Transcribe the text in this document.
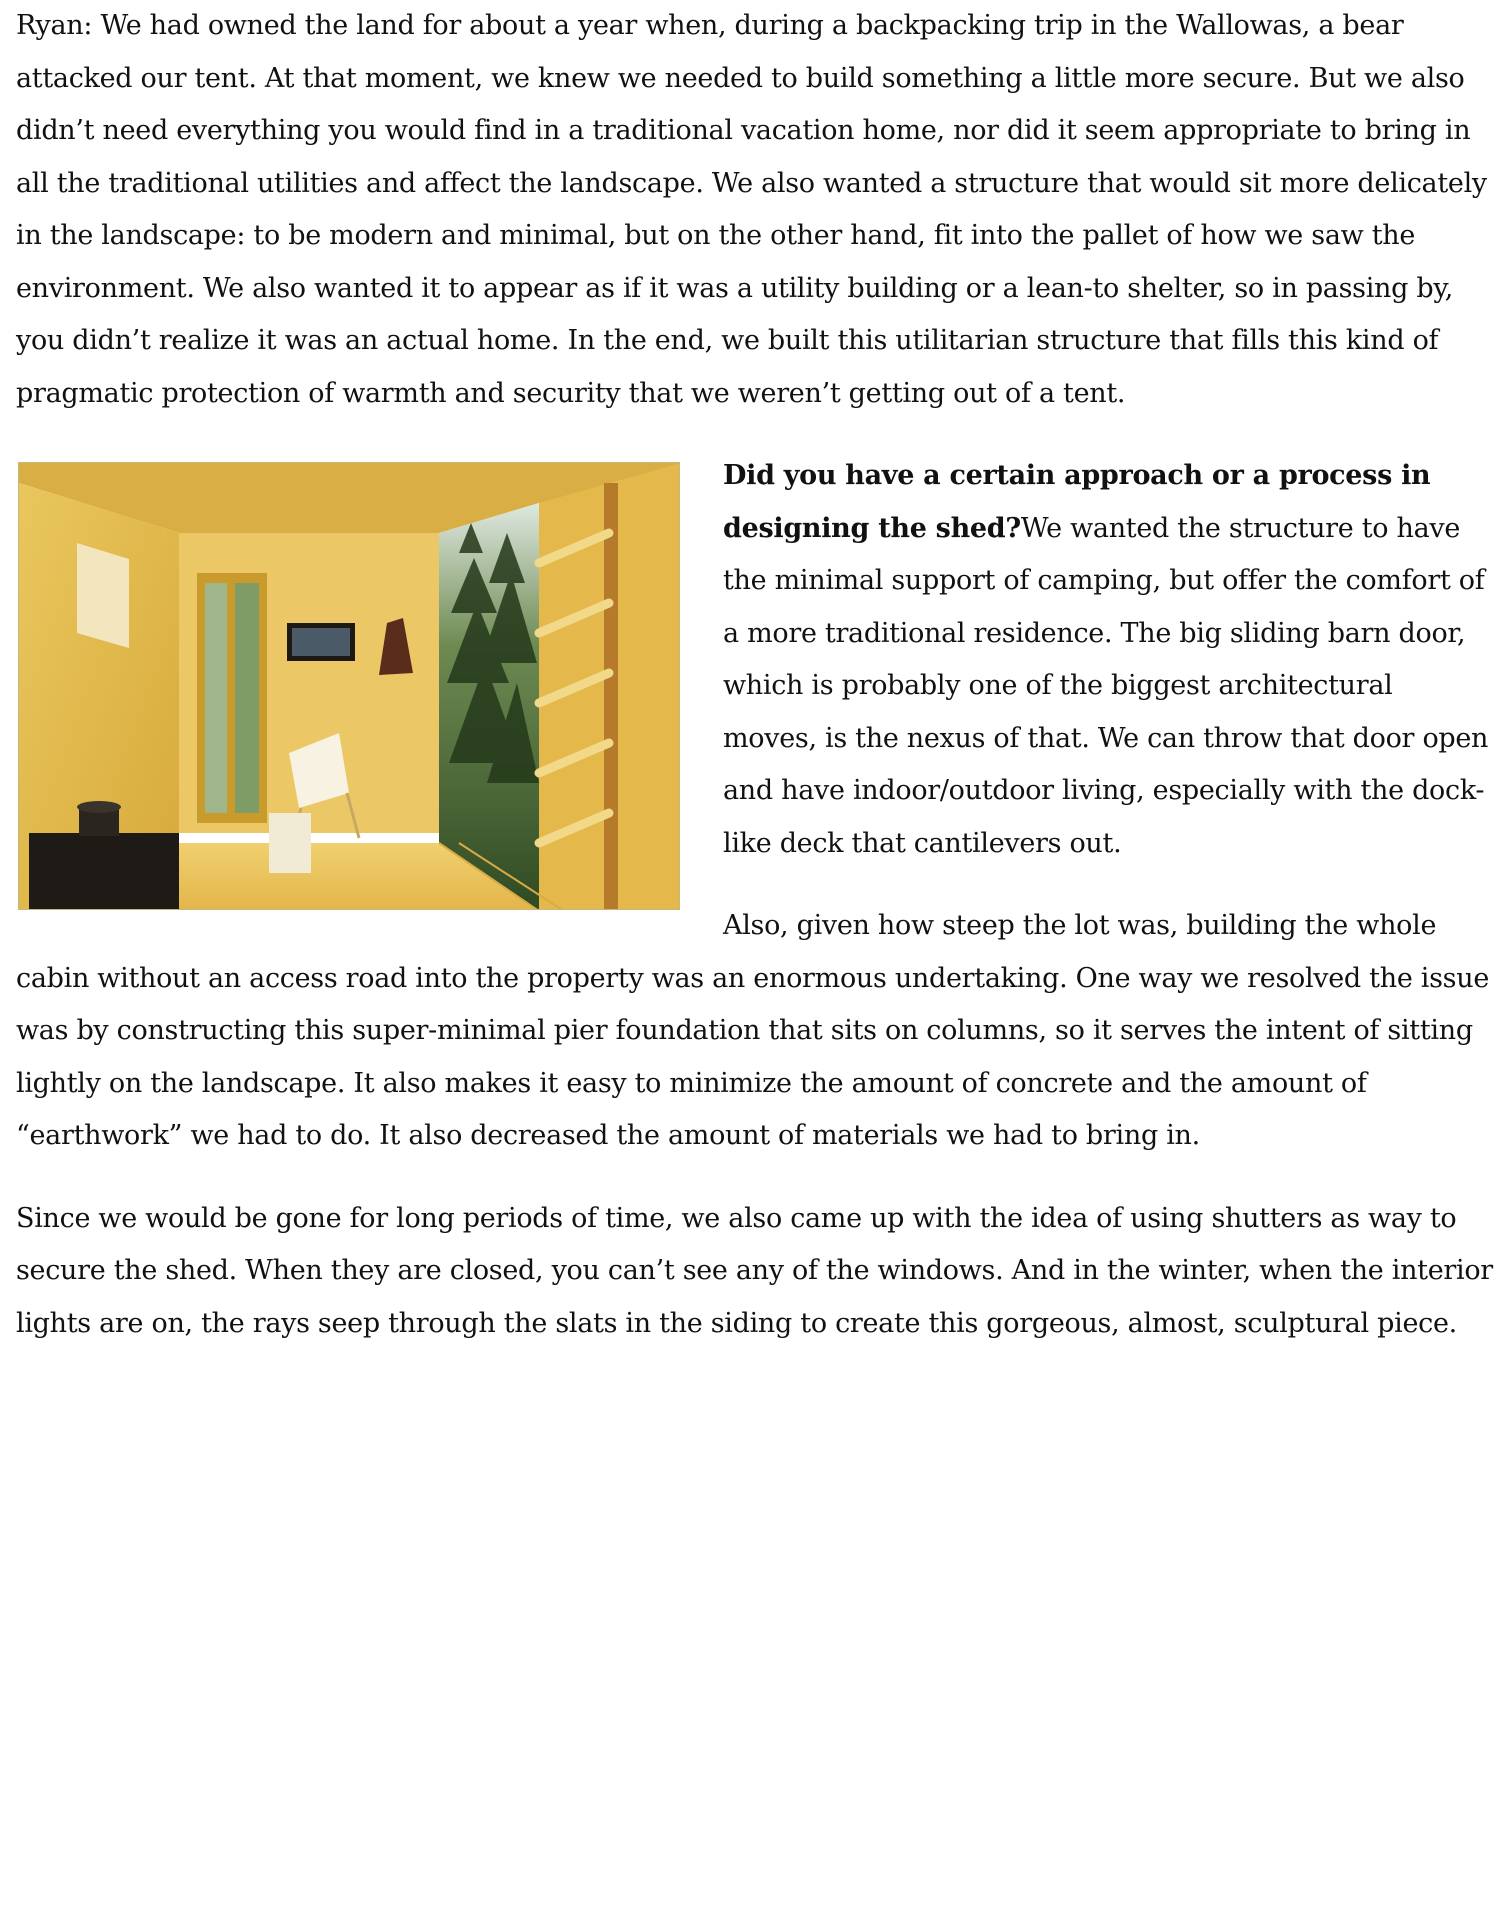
Ryan: We had owned the land for about a year when, during a backpacking trip in the Wallowas, a bear attacked our tent. At that moment, we knew we needed to build something a little more secure. But we also didn’t need everything you would find in a traditional vacation home, nor did it seem appropriate to bring in all the traditional utilities and affect the landscape. We also wanted a structure that would sit more delicately in the landscape: to be modern and minimal, but on the other hand, fit into the pallet of how we saw the environment. We also wanted it to appear as if it was a utility building or a lean-to shelter, so in passing by, you didn’t realize it was an actual home. In the end, we built this utilitarian structure that fills this kind of pragmatic protection of warmth and security that we weren’t getting out of a tent.

Did you have a certain approach or a process in designing the shed?We wanted the structure to have the minimal support of camping, but offer the comfort of a more traditional residence. The big sliding barn door, which is probably one of the biggest architectural moves, is the nexus of that. We can throw that door open and have indoor/outdoor living, especially with the dock-like deck that cantilevers out.

Also, given how steep the lot was, building the whole cabin without an access road into the property was an enormous undertaking. One way we resolved the issue was by constructing this super-minimal pier foundation that sits on columns, so it serves the intent of sitting lightly on the landscape. It also makes it easy to minimize the amount of concrete and the amount of “earthwork” we had to do. It also decreased the amount of materials we had to bring in.

Since we would be gone for long periods of time, we also came up with the idea of using shutters as way to secure the shed. When they are closed, you can’t see any of the windows. And in the winter, when the interior lights are on, the rays seep through the slats in the siding to create this gorgeous, almost, sculptural piece.
